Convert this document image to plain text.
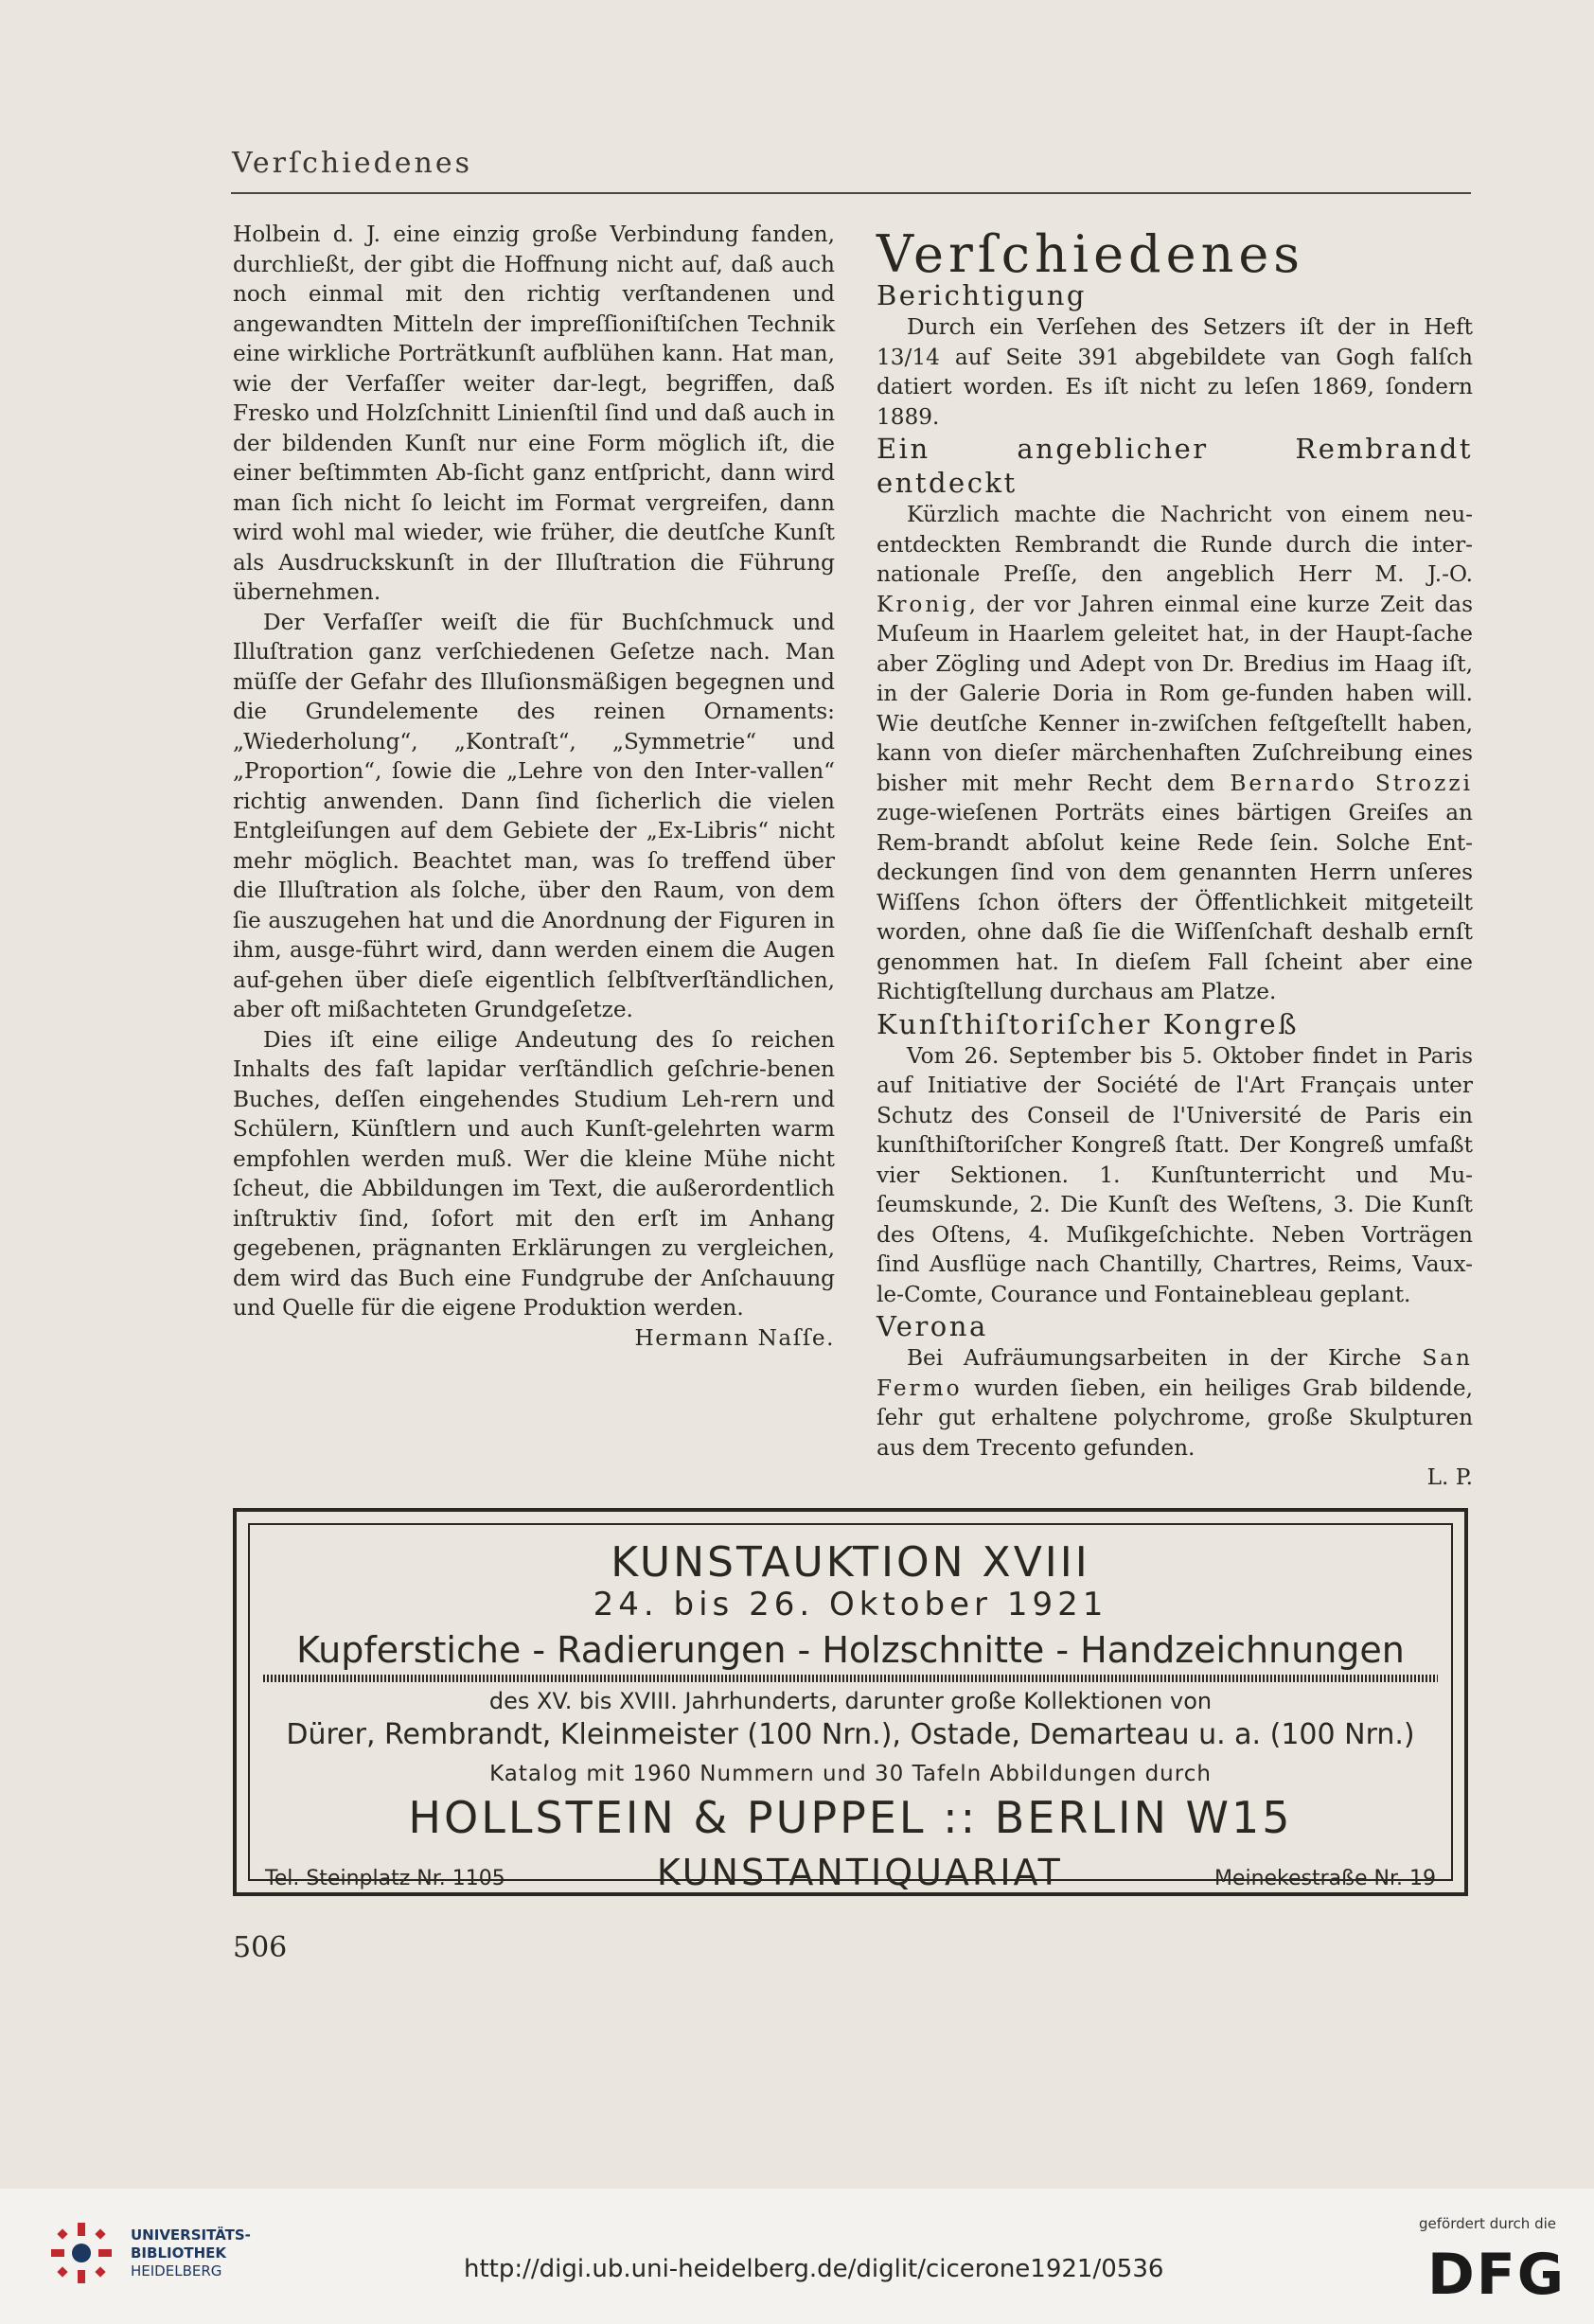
Verſchiedenes

Holbein d. J. eine einzig große Verbindung fanden, durchließt, der gibt die Hoffnung nicht auf, daß auch noch einmal mit den richtig verſtandenen und angewandten Mitteln der impreſſioniſtiſchen Technik eine wirkliche Porträtkunſt aufblühen kann. Hat man, wie der Verfaſſer weiter dar-legt, begriffen, daß Fresko und Holzſchnitt Linienſtil ſind und daß auch in der bildenden Kunſt nur eine Form möglich iſt, die einer beſtimmten Ab-ſicht ganz entſpricht, dann wird man ſich nicht ſo leicht im Format vergreifen, dann wird wohl mal wieder, wie früher, die deutſche Kunſt als Ausdruckskunſt in der Illuſtration die Führung übernehmen.

Der Verfaſſer weiſt die für Buchſchmuck und Illuſtration ganz verſchiedenen Geſetze nach. Man müſſe der Gefahr des Illuſionsmäßigen begegnen und die Grundelemente des reinen Ornaments: „Wiederholung“, „Kontraſt“, „Symmetrie“ und „Proportion“, ſowie die „Lehre von den Inter-vallen“ richtig anwenden. Dann ſind ſicherlich die vielen Entgleiſungen auf dem Gebiete der „Ex-Libris“ nicht mehr möglich. Beachtet man, was ſo treffend über die Illuſtration als ſolche, über den Raum, von dem ſie auszugehen hat und die Anordnung der Figuren in ihm, ausge-führt wird, dann werden einem die Augen auf-gehen über dieſe eigentlich ſelbſtverſtändlichen, aber oft mißachteten Grundgeſetze.

Dies iſt eine eilige Andeutung des ſo reichen Inhalts des faſt lapidar verſtändlich geſchrie-benen Buches, deſſen eingehendes Studium Leh-rern und Schülern, Künſtlern und auch Kunſt-gelehrten warm empfohlen werden muß. Wer die kleine Mühe nicht ſcheut, die Abbildungen im Text, die außerordentlich inſtruktiv ſind, ſofort mit den erſt im Anhang gegebenen, prägnanten Erklärungen zu vergleichen, dem wird das Buch eine Fundgrube der Anſchauung und Quelle für die eigene Produktion werden.

Hermann Naſſe.

Verſchiedenes
Berichtigung

Durch ein Verſehen des Setzers iſt der in Heft 13/14 auf Seite 391 abgebildete van Gogh falſch datiert worden. Es iſt nicht zu leſen 1869, ſondern 1889.

Ein angeblicher Rembrandt entdeckt

Kürzlich machte die Nachricht von einem neu-entdeckten Rembrandt die Runde durch die inter-nationale Preſſe, den angeblich Herr M. J.-O. Kronig, der vor Jahren einmal eine kurze Zeit das Muſeum in Haarlem geleitet hat, in der Haupt-ſache aber Zögling und Adept von Dr. Bredius im Haag iſt, in der Galerie Doria in Rom ge-funden haben will. Wie deutſche Kenner in-zwiſchen feſtgeſtellt haben, kann von dieſer märchenhaften Zuſchreibung eines bisher mit mehr Recht dem Bernardo Strozzi zuge-wieſenen Porträts eines bärtigen Greiſes an Rem-brandt abſolut keine Rede ſein. Solche Ent-deckungen ſind von dem genannten Herrn unſeres Wiſſens ſchon öfters der Öffentlichkeit mitgeteilt worden, ohne daß ſie die Wiſſenſchaft deshalb ernſt genommen hat. In dieſem Fall ſcheint aber eine Richtigſtellung durchaus am Platze.

Kunſthiſtoriſcher Kongreß

Vom 26. September bis 5. Oktober findet in Paris auf Initiative der Société de l'Art Français unter Schutz des Conseil de l'Université de Paris ein kunſthiſtoriſcher Kongreß ſtatt. Der Kongreß umfaßt vier Sektionen. 1. Kunſtunterricht und Mu-ſeumskunde, 2. Die Kunſt des Weſtens, 3. Die Kunſt des Oſtens, 4. Muſikgeſchichte. Neben Vorträgen ſind Ausflüge nach Chantilly, Chartres, Reims, Vaux-le-Comte, Courance und Fontainebleau geplant.

Verona

Bei Aufräumungsarbeiten in der Kirche San Fermo wurden ſieben, ein heiliges Grab bildende, ſehr gut erhaltene polychrome, große Skulpturen aus dem Trecento gefunden.

L. P.

KUNSTAUKTION XVIII
24. bis 26. Oktober 1921
Kupferstiche - Radierungen - Holzschnitte - Handzeichnungen
des XV. bis XVIII. Jahrhunderts, darunter große Kollektionen von
Dürer, Rembrandt, Kleinmeister (100 Nrn.), Ostade, Demarteau u. a. (100 Nrn.)
Katalog mit 1960 Nummern und 30 Tafeln Abbildungen durch
HOLLSTEIN & PUPPEL :: BERLIN W15
Tel. Steinplatz Nr. 1105	KUNSTANTIQUARIAT	Meinekestraße Nr. 19
506
UNIVERSITÄTS-
BIBLIOTHEK
HEIDELBERG	http://digi.ub.uni-heidelberg.de/diglit/cicerone1921/0536
gefördert durch die
DFG
